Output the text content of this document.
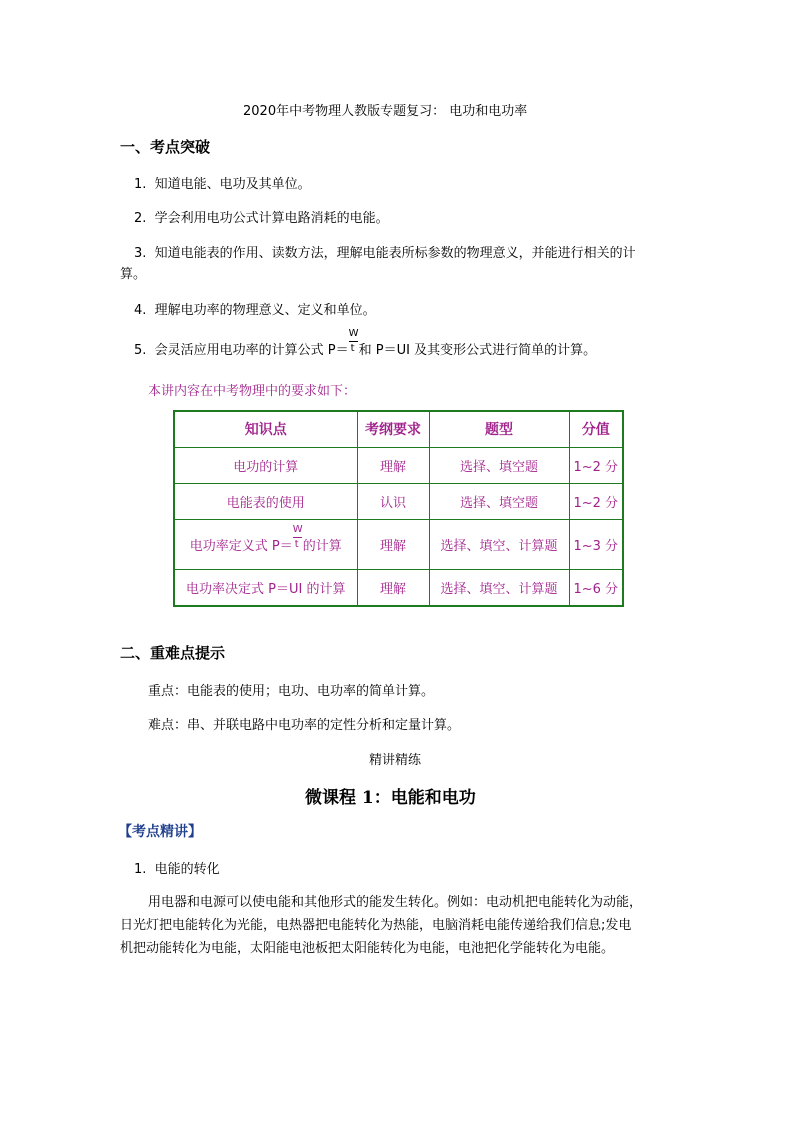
2020年中考物理人教版专题复习： 电功和电功率
一、考点突破
1. 知道电能、电功及其单位。
2. 学会利用电功公式计算电路消耗的电能。
3. 知道电能表的作用、读数方法，理解电能表所标参数的物理意义，并能进行相关的计
算。
4. 理解电功率的物理意义、定义和单位。
5. 会灵活应用电功率的计算公式 $P= \frac{W}{t}$ 和 P＝UI 及其变形公式进行简单的计算。
本讲内容在中考物理中的要求如下：
知识点	考纲要求	题型	分值
电功的计算	理解	选择、填空题	1~2 分
电能表的使用	认识	选择、填空题	1~2 分
电功率定义式 $P= \frac{W}{t}$ 的计算	理解	选择、填空、计算题	1~3 分
电功率决定式 P＝UI 的计算	理解	选择、填空、计算题	1~6 分
二、重难点提示
重点：电能表的使用；电功、电功率的简单计算。
难点：串、并联电路中电功率的定性分析和定量计算。
精讲精练
微课程 1：电能和电功
【考点精讲】
1. 电能的转化
用电器和电源可以使电能和其他形式的能发生转化。例如：电动机把电能转化为动能，
日光灯把电能转化为光能，电热器把电能转化为热能，电脑消耗电能传递给我们信息;发电
机把动能转化为电能，太阳能电池板把太阳能转化为电能，电池把化学能转化为电能。
